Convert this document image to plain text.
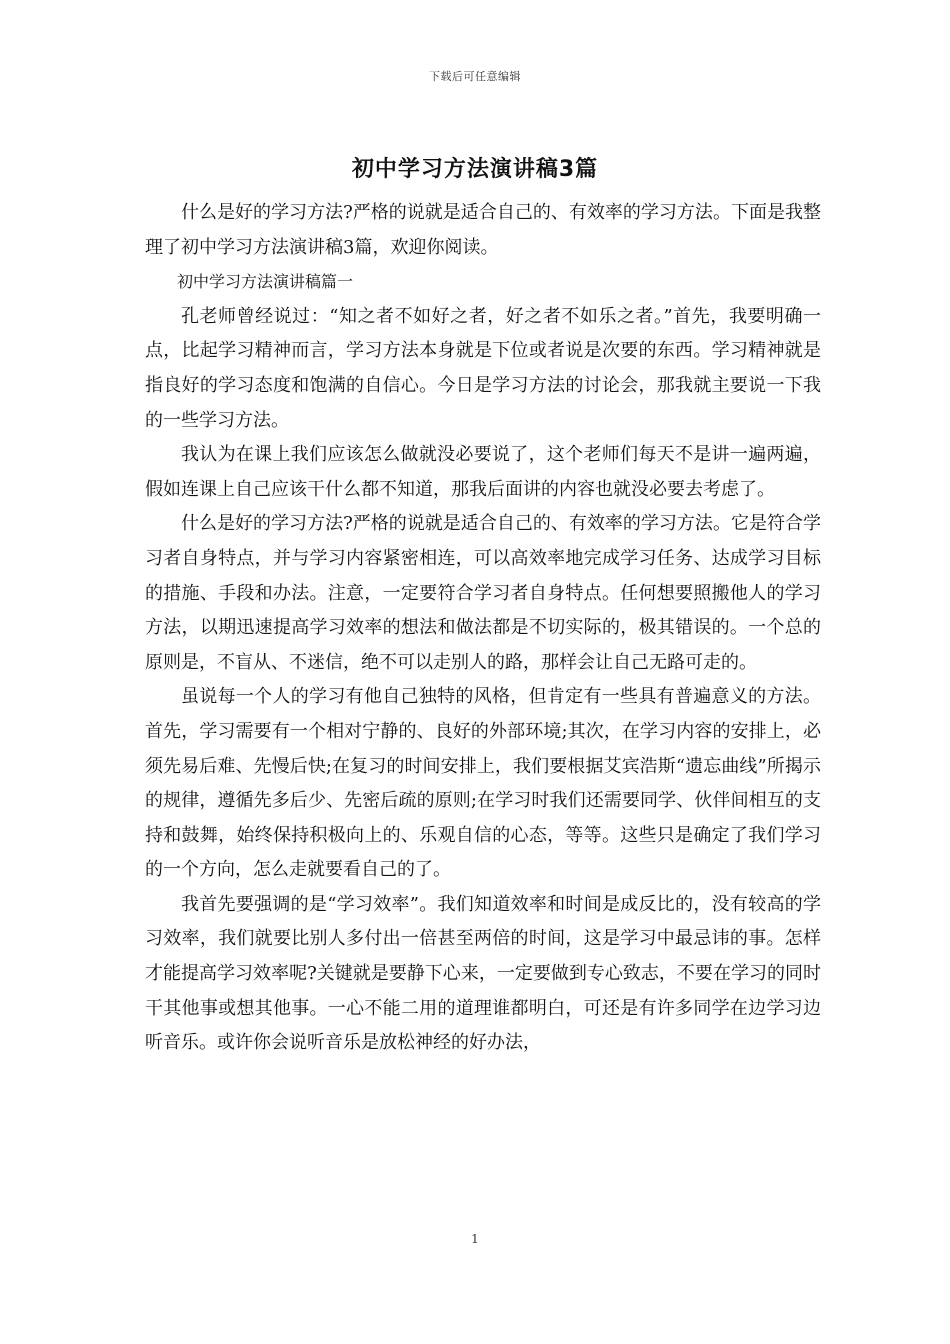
下载后可任意编辑
初中学习方法演讲稿3篇

什么是好的学习方法?严格的说就是适合自己的、有效率的学习方法。下面是我整理了初中学习方法演讲稿3篇，欢迎你阅读。

初中学习方法演讲稿篇一

孔老师曾经说过：“知之者不如好之者，好之者不如乐之者。”首先，我要明确一点，比起学习精神而言，学习方法本身就是下位或者说是次要的东西。学习精神就是指良好的学习态度和饱满的自信心。今日是学习方法的讨论会，那我就主要说一下我的一些学习方法。

我认为在课上我们应该怎么做就没必要说了，这个老师们每天不是讲一遍两遍，假如连课上自己应该干什么都不知道，那我后面讲的内容也就没必要去考虑了。

什么是好的学习方法?严格的说就是适合自己的、有效率的学习方法。它是符合学习者自身特点，并与学习内容紧密相连，可以高效率地完成学习任务、达成学习目标的措施、手段和办法。注意，一定要符合学习者自身特点。任何想要照搬他人的学习方法，以期迅速提高学习效率的想法和做法都是不切实际的，极其错误的。一个总的原则是，不盲从、不迷信，绝不可以走别人的路，那样会让自己无路可走的。

虽说每一个人的学习有他自己独特的风格，但肯定有一些具有普遍意义的方法。首先，学习需要有一个相对宁静的、良好的外部环境;其次，在学习内容的安排上，必须先易后难、先慢后快;在复习的时间安排上，我们要根据艾宾浩斯“遗忘曲线”所揭示的规律，遵循先多后少、先密后疏的原则;在学习时我们还需要同学、伙伴间相互的支持和鼓舞，始终保持积极向上的、乐观自信的心态，等等。这些只是确定了我们学习的一个方向，怎么走就要看自己的了。

我首先要强调的是“学习效率”。我们知道效率和时间是成反比的，没有较高的学习效率，我们就要比别人多付出一倍甚至两倍的时间，这是学习中最忌讳的事。怎样才能提高学习效率呢?关键就是要静下心来，一定要做到专心致志，不要在学习的同时干其他事或想其他事。一心不能二用的道理谁都明白，可还是有许多同学在边学习边听音乐。或许你会说听音乐是放松神经的好办法，

1
